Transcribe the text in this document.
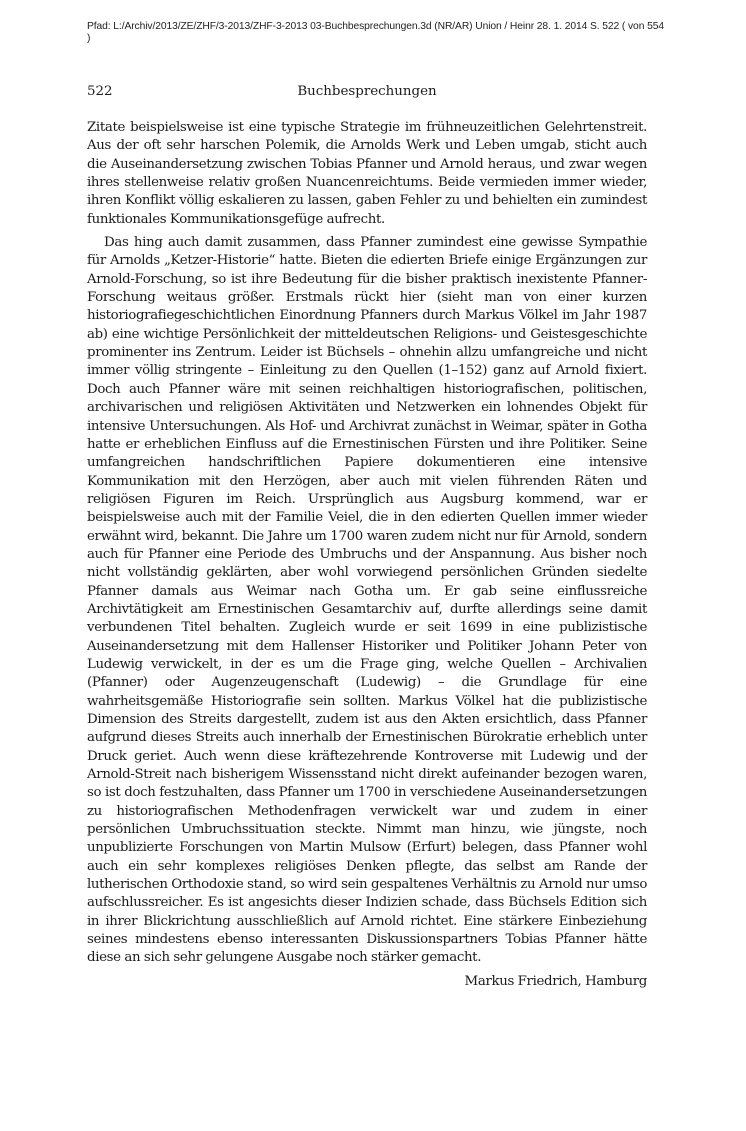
Pfad: L:/Archiv/2013/ZE/ZHF/3-2013/ZHF-3-2013 03-Buchbesprechungen.3d (NR/AR) Union / Heinr 28. 1. 2014 S. 522 ( von 554 )
522	Buchbesprechungen

Zitate beispielsweise ist eine typische Strategie im frühneuzeitlichen Gelehrtenstreit. Aus der oft sehr harschen Polemik, die Arnolds Werk und Leben umgab, sticht auch die Auseinandersetzung zwischen Tobias Pfanner und Arnold heraus, und zwar wegen ihres stellenweise relativ großen Nuancenreichtums. Beide vermieden immer wieder, ihren Konflikt völlig eskalieren zu lassen, gaben Fehler zu und behielten ein zumindest funktionales Kommunikationsgefüge aufrecht.

Das hing auch damit zusammen, dass Pfanner zumindest eine gewisse Sympathie für Arnolds „Ketzer-Historie“ hatte. Bieten die edierten Briefe einige Ergänzungen zur Arnold-Forschung, so ist ihre Bedeutung für die bisher praktisch inexistente Pfanner-Forschung weitaus größer. Erstmals rückt hier (sieht man von einer kurzen historiografiegeschichtlichen Einordnung Pfanners durch Markus Völkel im Jahr 1987 ab) eine wichtige Persönlichkeit der mitteldeutschen Religions- und Geistesgeschichte prominenter ins Zentrum. Leider ist Büchsels – ohnehin allzu umfangreiche und nicht immer völlig stringente – Einleitung zu den Quellen (1–152) ganz auf Arnold fixiert. Doch auch Pfanner wäre mit seinen reichhaltigen historiografischen, politischen, archivarischen und religiösen Aktivitäten und Netzwerken ein lohnendes Objekt für intensive Untersuchungen. Als Hof- und Archivrat zunächst in Weimar, später in Gotha hatte er erheblichen Einfluss auf die Ernestinischen Fürsten und ihre Politiker. Seine umfangreichen handschriftlichen Papiere dokumentieren eine intensive Kommunikation mit den Herzögen, aber auch mit vielen führenden Räten und religiösen Figuren im Reich. Ursprünglich aus Augsburg kommend, war er beispielsweise auch mit der Familie Veiel, die in den edierten Quellen immer wieder erwähnt wird, bekannt. Die Jahre um 1700 waren zudem nicht nur für Arnold, sondern auch für Pfanner eine Periode des Umbruchs und der Anspannung. Aus bisher noch nicht vollständig geklärten, aber wohl vorwiegend persönlichen Gründen siedelte Pfanner damals aus Weimar nach Gotha um. Er gab seine einflussreiche Archivtätigkeit am Ernestinischen Gesamtarchiv auf, durfte allerdings seine damit verbundenen Titel behalten. Zugleich wurde er seit 1699 in eine publizistische Auseinandersetzung mit dem Hallenser Historiker und Politiker Johann Peter von Ludewig verwickelt, in der es um die Frage ging, welche Quellen – Archivalien (Pfanner) oder Augenzeugenschaft (Ludewig) – die Grundlage für eine wahrheitsgemäße Historiografie sein sollten. Markus Völkel hat die publizistische Dimension des Streits dargestellt, zudem ist aus den Akten ersichtlich, dass Pfanner aufgrund dieses Streits auch innerhalb der Ernestinischen Bürokratie erheblich unter Druck geriet. Auch wenn diese kräftezehrende Kontroverse mit Ludewig und der Arnold-Streit nach bisherigem Wissensstand nicht direkt aufeinander bezogen waren, so ist doch festzuhalten, dass Pfanner um 1700 in verschiedene Auseinandersetzungen zu historiografischen Methodenfragen verwickelt war und zudem in einer persönlichen Umbruchssituation steckte. Nimmt man hinzu, wie jüngste, noch unpublizierte Forschungen von Martin Mulsow (Erfurt) belegen, dass Pfanner wohl auch ein sehr komplexes religiöses Denken pflegte, das selbst am Rande der lutherischen Orthodoxie stand, so wird sein gespaltenes Verhältnis zu Arnold nur umso aufschlussreicher. Es ist angesichts dieser Indizien schade, dass Büchsels Edition sich in ihrer Blickrichtung ausschließlich auf Arnold richtet. Eine stärkere Einbeziehung seines mindestens ebenso interessanten Diskussionspartners Tobias Pfanner hätte diese an sich sehr gelungene Ausgabe noch stärker gemacht.

Markus Friedrich, Hamburg
